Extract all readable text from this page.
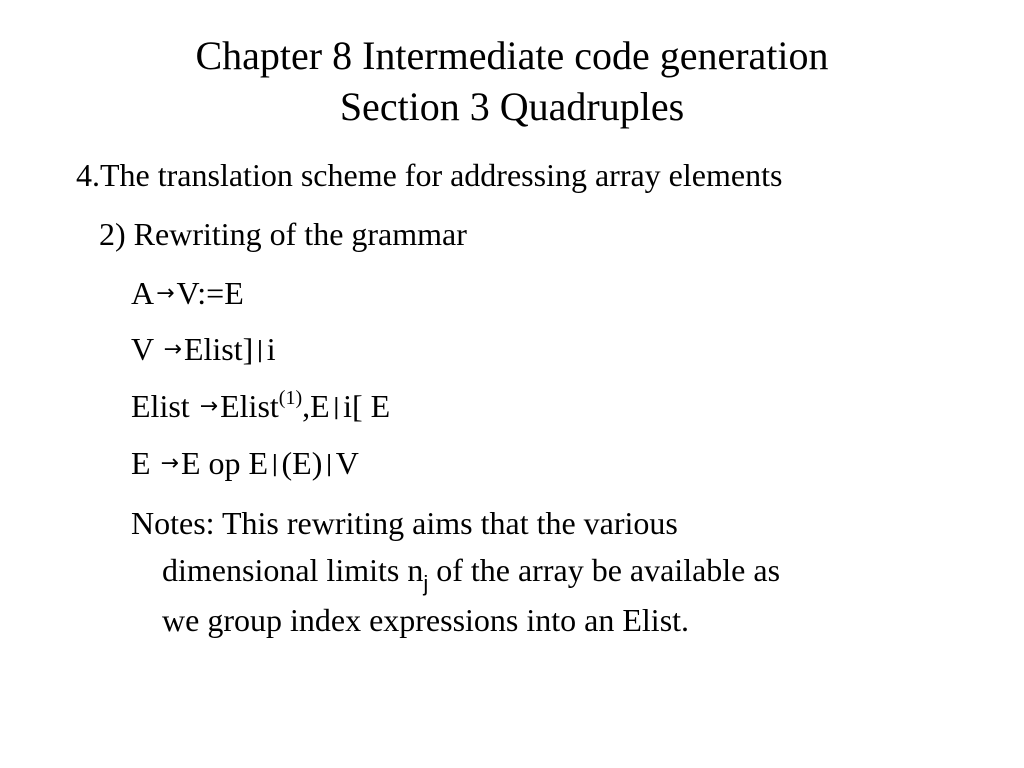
Chapter 8 Intermediate code generation
Section 3 Quadruples
4.The translation scheme for addressing array elements
2) Rewriting of the grammar
A→V:=E
V →Elist] |i
Elist →Elist$^{(1)}$,E |i[ E
E →E op E |(E) |V
Notes: This rewriting aims that the various
dimensional limits $n_j$ of the array be available as
we group index expressions into an Elist.
